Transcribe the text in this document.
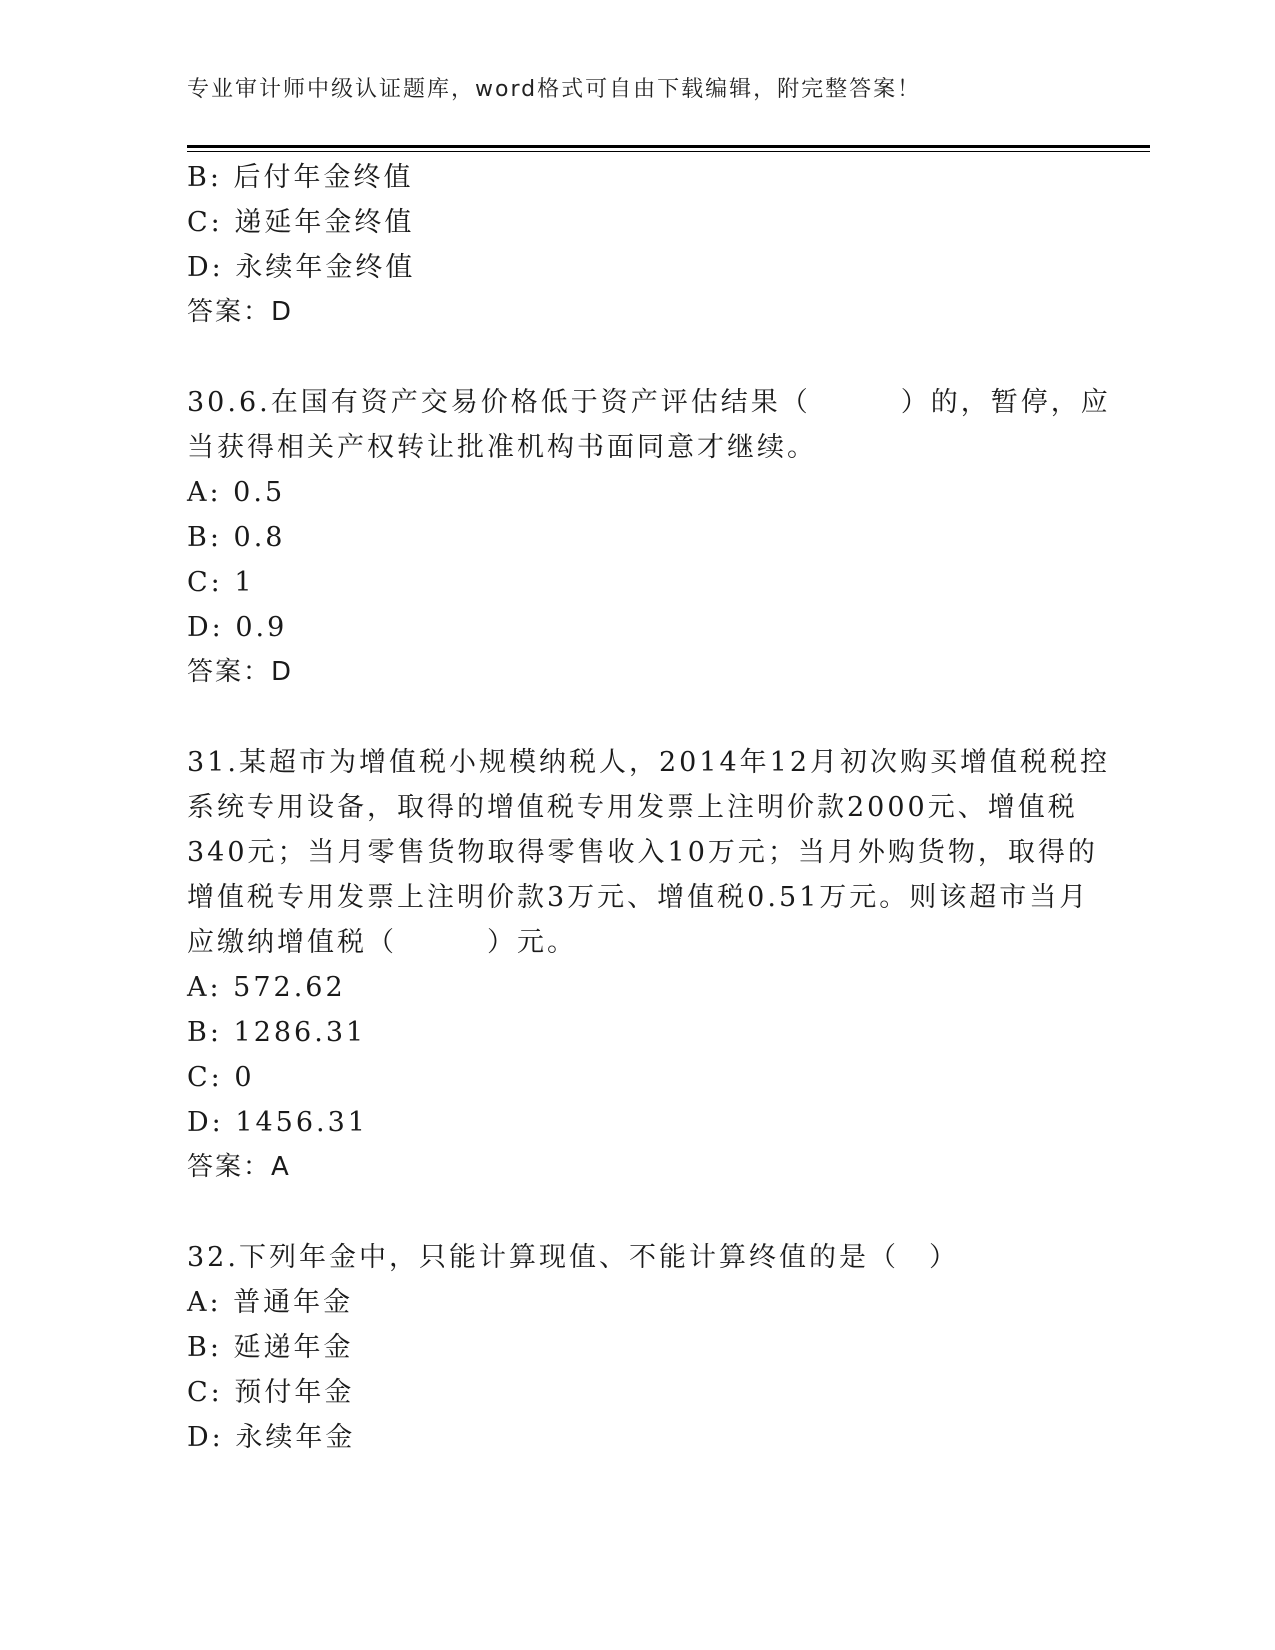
专业审计师中级认证题库，word格式可自由下载编辑，附完整答案！
B: 后付年金终值
C: 递延年金终值
D: 永续年金终值
答案：D
30.6.在国有资产交易价格低于资产评估结果（　　　）的，暂停，应
当获得相关产权转让批准机构书面同意才继续。
A: 0.5
B: 0.8
C: 1
D: 0.9
答案：D
31.某超市为增值税小规模纳税人，2014年12月初次购买增值税税控
系统专用设备，取得的增值税专用发票上注明价款2000元、增值税
340元；当月零售货物取得零售收入10万元；当月外购货物，取得的
增值税专用发票上注明价款3万元、增值税0.51万元。则该超市当月
应缴纳增值税（　　　）元。
A: 572.62
B: 1286.31
C: 0
D: 1456.31
答案：A
32.下列年金中，只能计算现值、不能计算终值的是（　）
A: 普通年金
B: 延递年金
C: 预付年金
D: 永续年金
